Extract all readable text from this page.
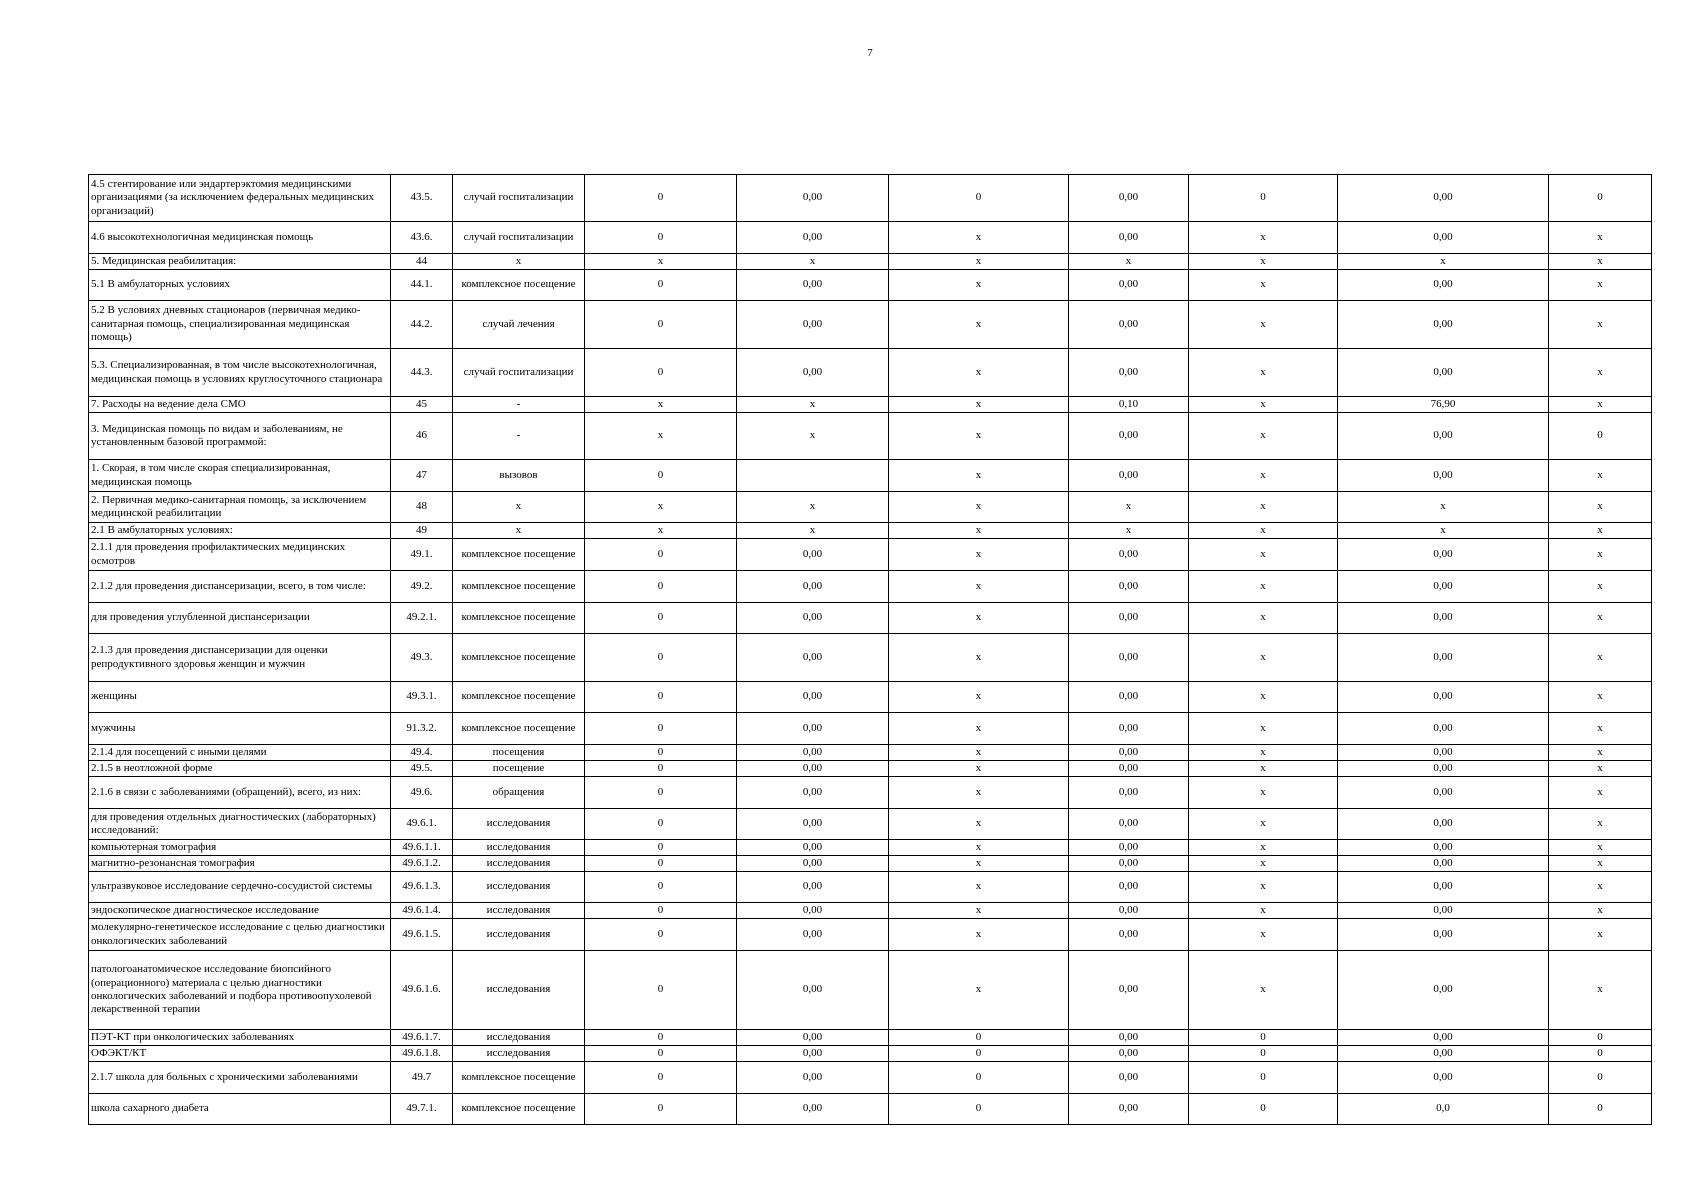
7
4.5 стентирование или эндартерэктомия медицинскими организациями (за исключением федеральных медицинских организаций)	43.5.	случай госпитализации	0	0,00	0	0,00	0	0,00	0
4.6 высокотехнологичная медицинская помощь	43.6.	случай госпитализации	0	0,00	x	0,00	x	0,00	x
5. Медицинская реабилитация:	44	x	x	x	x	x	x	x	x
5.1 В амбулаторных условиях	44.1.	комплексное посещение	0	0,00	x	0,00	x	0,00	x
5.2 В условиях дневных стационаров (первичная медико-санитарная помощь, специализированная медицинская помощь)	44.2.	случай лечения	0	0,00	x	0,00	x	0,00	x
5.3. Специализированная, в том числе высокотехнологичная, медицинская помощь в условиях круглосуточного стационара	44.3.	случай госпитализации	0	0,00	x	0,00	x	0,00	x
7. Расходы на ведение дела СМО	45	-	x	x	x	0,10	x	76,90	x
3. Медицинская помощь по видам и заболеваниям, не установленным базовой программой:	46	-	x	x	x	0,00	x	0,00	0
1. Скорая, в том числе скорая специализированная, медицинская помощь	47	вызовов	0		x	0,00	x	0,00	x
2. Первичная медико-санитарная помощь, за исключением медицинской реабилитации	48	x	x	x	x	x	x	x	x
2.1 В амбулаторных условиях:	49	x	x	x	x	x	x	x	x
2.1.1 для проведения профилактических медицинских осмотров	49.1.	комплексное посещение	0	0,00	x	0,00	x	0,00	x
2.1.2 для проведения диспансеризации, всего, в том числе:	49.2.	комплексное посещение	0	0,00	x	0,00	x	0,00	x
для проведения углубленной диспансеризации	49.2.1.	комплексное посещение	0	0,00	x	0,00	x	0,00	x
2.1.3 для проведения диспансеризации для оценки репродуктивного здоровья женщин и мужчин	49.3.	комплексное посещение	0	0,00	x	0,00	x	0,00	x
женщины	49.3.1.	комплексное посещение	0	0,00	x	0,00	x	0,00	x
мужчины	91.3.2.	комплексное посещение	0	0,00	x	0,00	x	0,00	x
2.1.4 для посещений с иными целями	49.4.	посещения	0	0,00	x	0,00	x	0,00	x
2.1.5 в неотложной форме	49.5.	посещение	0	0,00	x	0,00	x	0,00	x
2.1.6 в связи с заболеваниями (обращений), всего, из них:	49.6.	обращения	0	0,00	x	0,00	x	0,00	x
для проведения отдельных диагностических (лабораторных) исследований:	49.6.1.	исследования	0	0,00	x	0,00	x	0,00	x
компьютерная томография	49.6.1.1.	исследования	0	0,00	x	0,00	x	0,00	x
магнитно-резонансная томография	49.6.1.2.	исследования	0	0,00	x	0,00	x	0,00	x
ультразвуковое исследование сердечно-сосудистой системы	49.6.1.3.	исследования	0	0,00	x	0,00	x	0,00	x
эндоскопическое диагностическое исследование	49.6.1.4.	исследования	0	0,00	x	0,00	x	0,00	x
молекулярно-генетическое исследование с целью диагностики онкологических заболеваний	49.6.1.5.	исследования	0	0,00	x	0,00	x	0,00	x
патологоанатомическое исследование биопсийного (операционного) материала с целью диагностики онкологических заболеваний и подбора противоопухолевой лекарственной терапии	49.6.1.6.	исследования	0	0,00	x	0,00	x	0,00	x
ПЭТ-КТ при онкологических заболеваниях	49.6.1.7.	исследования	0	0,00	0	0,00	0	0,00	0
ОФЭКТ/КТ	49.6.1.8.	исследования	0	0,00	0	0,00	0	0,00	0
2.1.7 школа для больных с хроническими заболеваниями	49.7	комплексное посещение	0	0,00	0	0,00	0	0,00	0
школа сахарного диабета	49.7.1.	комплексное посещение	0	0,00	0	0,00	0	0,0	0
